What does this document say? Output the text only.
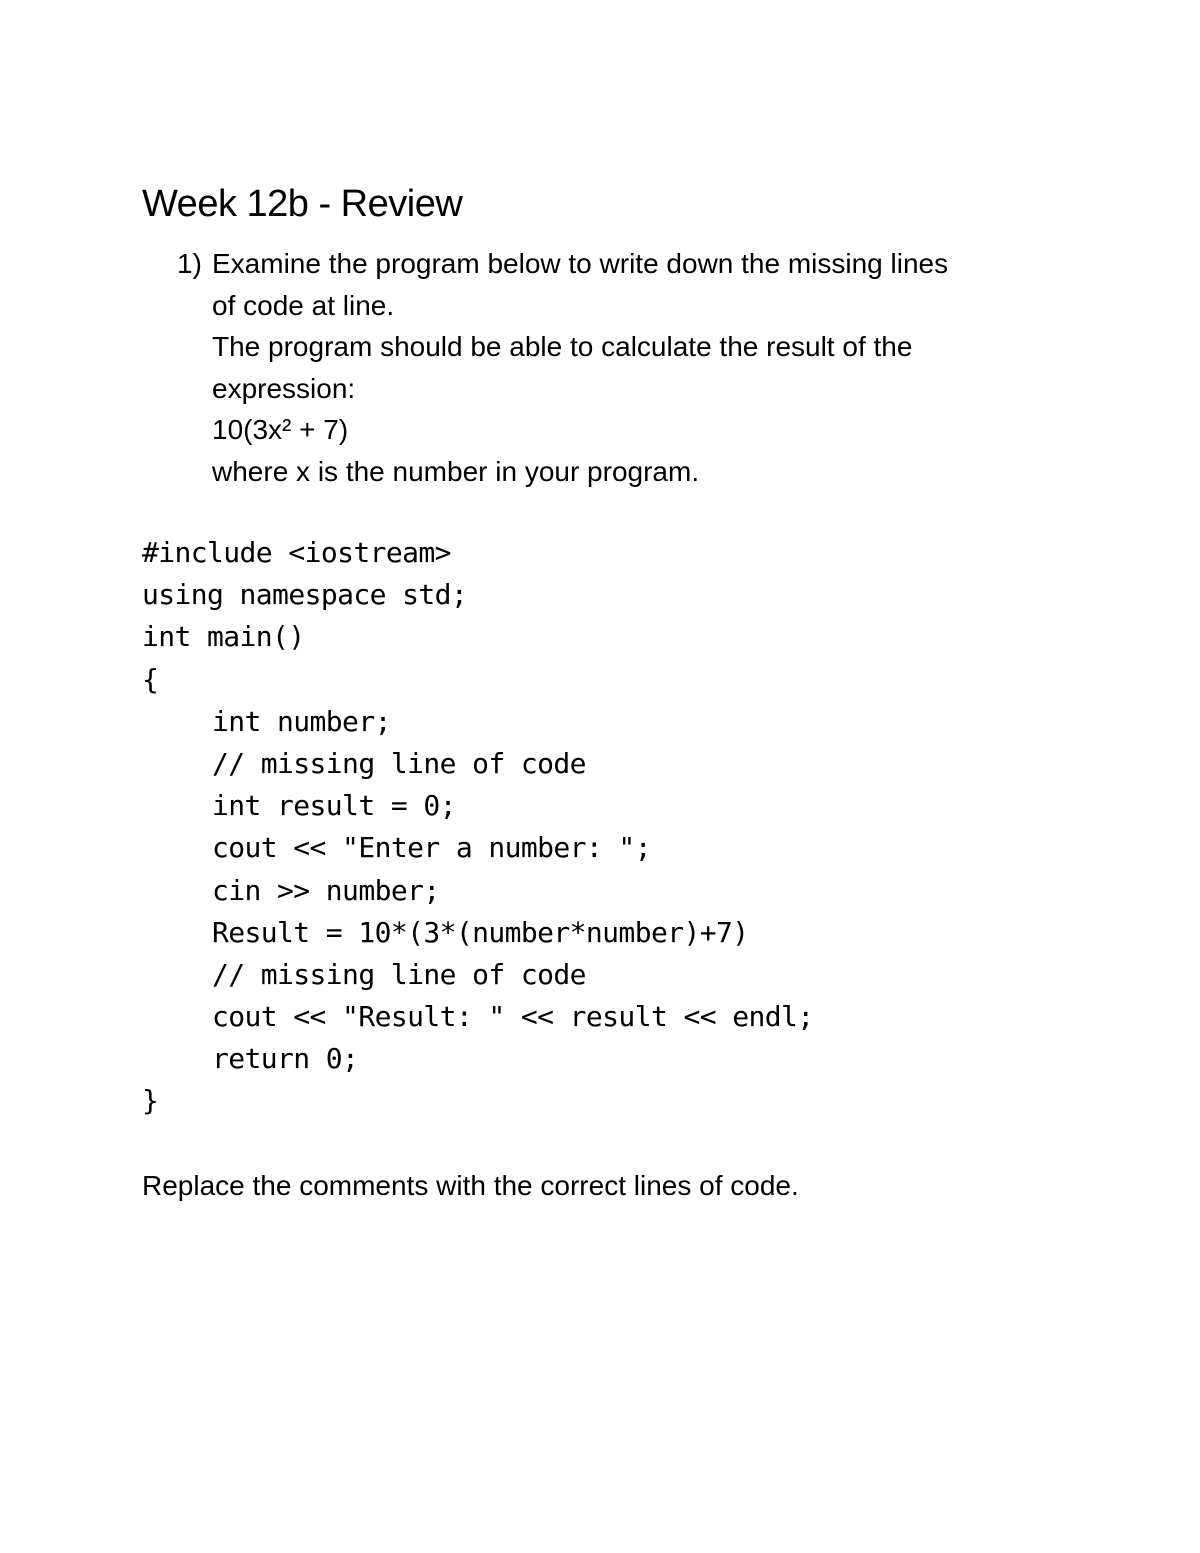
Week 12b - Review
1) Examine the program below to write down the missing lines
of code at line.
The program should be able to calculate the result of the
expression:
10(3x² + 7)
where x is the number in your program.
#include <iostream>
using namespace std;
int main()
{
int number;
// missing line of code
int result = 0;
cout << "Enter a number: ";
cin >> number;
Result = 10*(3*(number*number)+7)
// missing line of code
cout << "Result: " << result << endl;
return 0;
}
Replace the comments with the correct lines of code.
